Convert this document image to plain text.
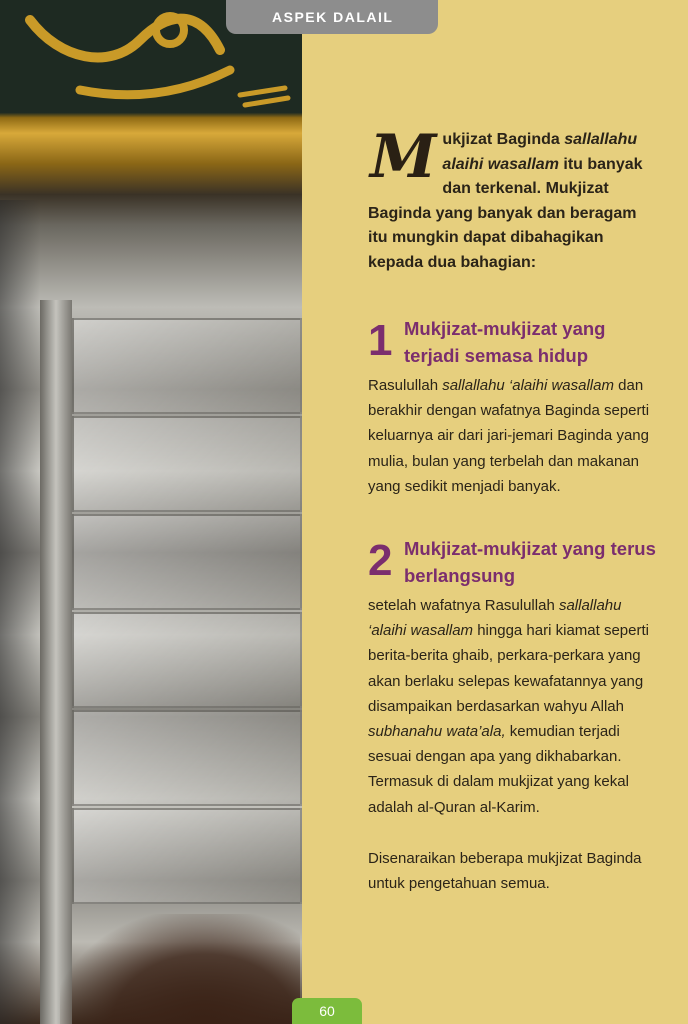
ASPEK DALAIL

Mukjizat Baginda sallallahu alaihi wasallam itu banyak dan terkenal. Mukjizat Baginda yang banyak dan beragam itu mungkin dapat dibahagikan kepada dua bahagian:

1 Mukjizat-mukjizat yang terjadi semasa hidup

Rasulullah sallallahu ‘alaihi wasallam dan berakhir dengan wafatnya Baginda seperti keluarnya air dari jari-jemari Baginda yang mulia, bulan yang terbelah dan makanan yang sedikit menjadi banyak.

2 Mukjizat-mukjizat yang terus berlangsung

setelah wafatnya Rasulullah sallallahu ‘alaihi wasallam hingga hari kiamat seperti berita-berita ghaib, perkara-perkara yang akan berlaku selepas kewafatannya yang disampaikan berdasarkan wahyu Allah subhanahu wata’ala, kemudian terjadi sesuai dengan apa yang dikhabarkan. Termasuk di dalam mukjizat yang kekal adalah al-Quran al-Karim.

Disenaraikan beberapa mukjizat Baginda untuk pengetahuan semua.

60
